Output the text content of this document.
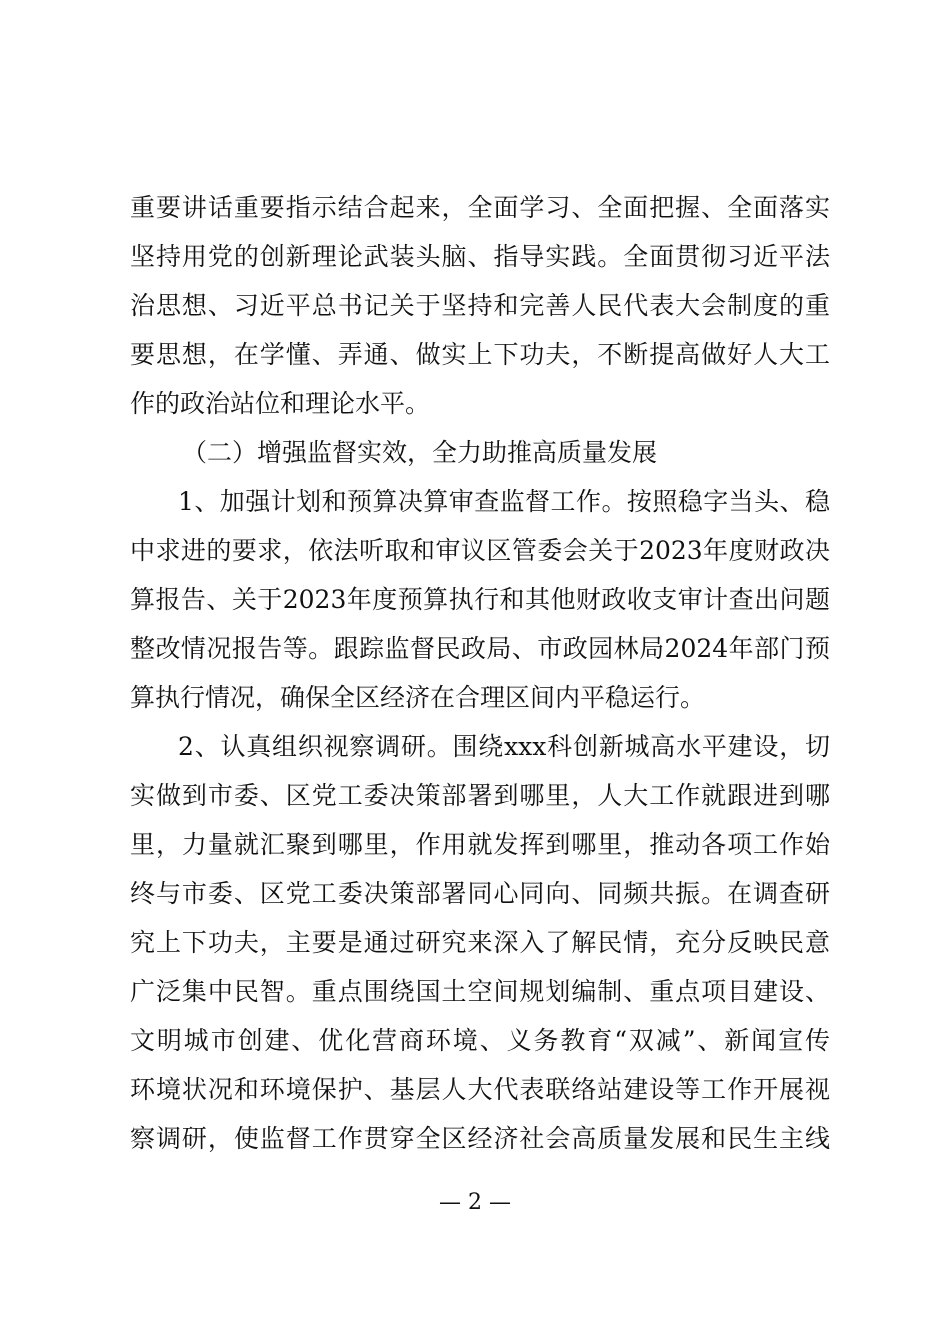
重要讲话重要指示结合起来，全面学习、全面把握、全面落实
坚持用党的创新理论武装头脑、指导实践。全面贯彻习近平法
治思想、习近平总书记关于坚持和完善人民代表大会制度的重
要思想，在学懂、弄通、做实上下功夫，不断提高做好人大工
作的政治站位和理论水平。
（二）增强监督实效，全力助推高质量发展
1、加强计划和预算决算审查监督工作。按照稳字当头、稳
中求进的要求，依法听取和审议区管委会关于2023年度财政决
算报告、关于2023年度预算执行和其他财政收支审计查出问题
整改情况报告等。跟踪监督民政局、市政园林局2024年部门预
算执行情况，确保全区经济在合理区间内平稳运行。
2、认真组织视察调研。围绕xxx科创新城高水平建设，切
实做到市委、区党工委决策部署到哪里，人大工作就跟进到哪
里，力量就汇聚到哪里，作用就发挥到哪里，推动各项工作始
终与市委、区党工委决策部署同心同向、同频共振。在调查研
究上下功夫，主要是通过研究来深入了解民情，充分反映民意
广泛集中民智。重点围绕国土空间规划编制、重点项目建设、
文明城市创建、优化营商环境、义务教育“双减”、新闻宣传
环境状况和环境保护、基层人大代表联络站建设等工作开展视
察调研，使监督工作贯穿全区经济社会高质量发展和民生主线
— 2 —
